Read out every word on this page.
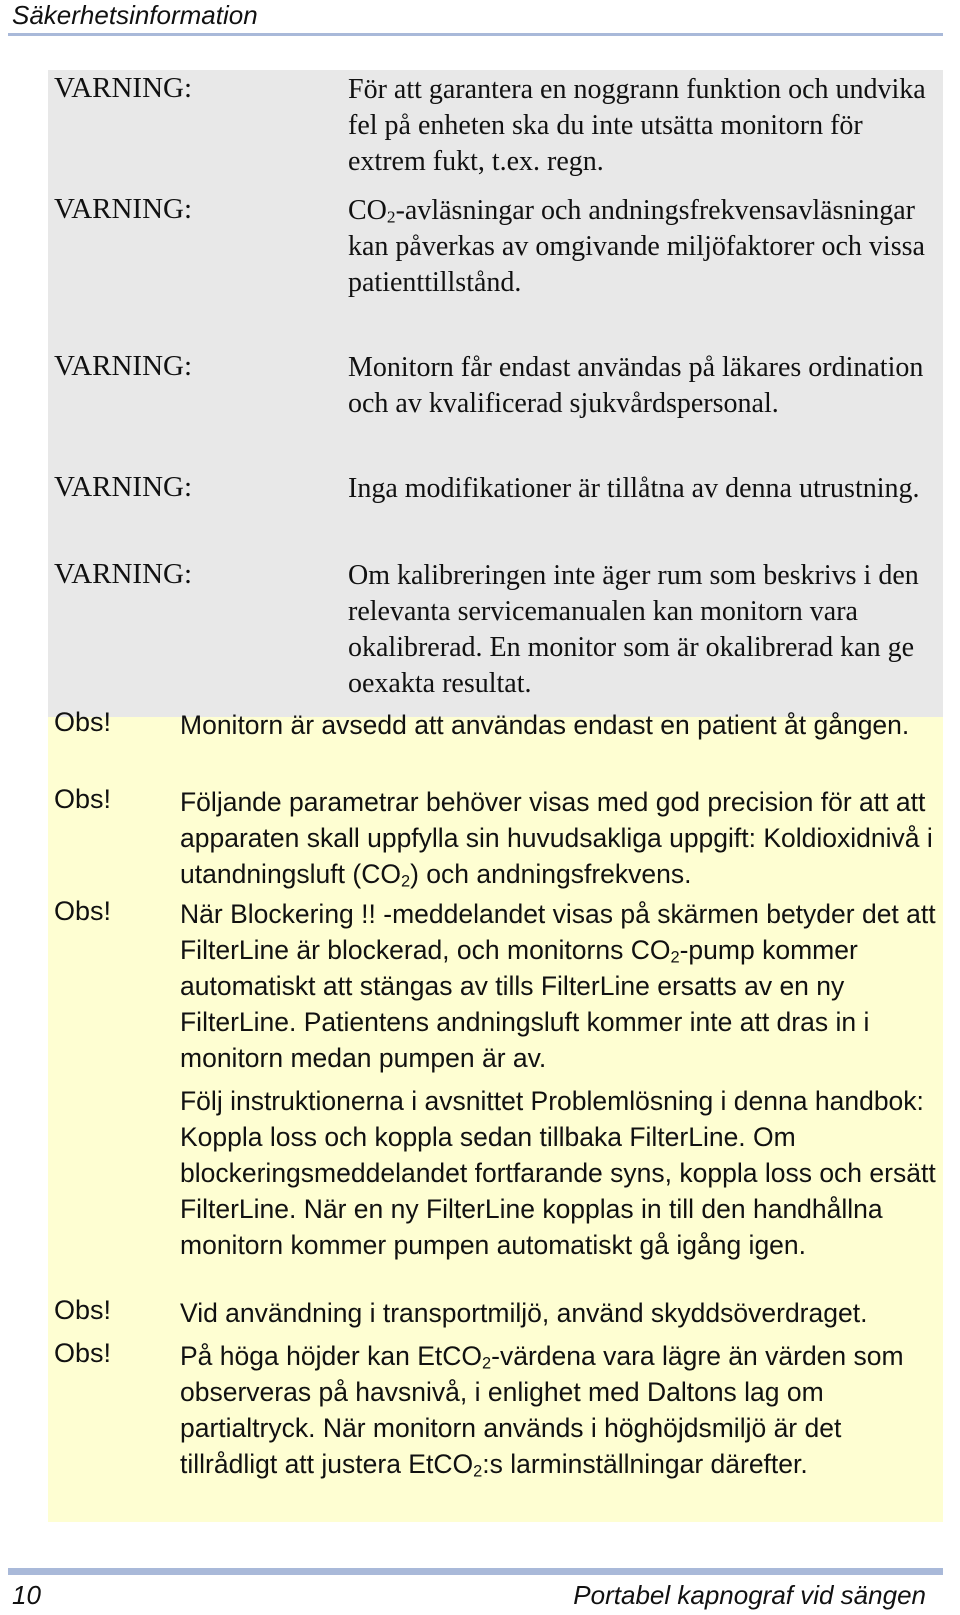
Säkerhetsinformation
VARNING:	För att garantera en noggrann funktion och undvika fel på enheten ska du inte utsätta monitorn för extrem fukt, t.ex. regn.
VARNING:	$CO_2$-avläsningar och andningsfrekvensavläsningar kan påverkas av omgivande miljöfaktorer och vissa patienttillstånd.
VARNING:	Monitorn får endast användas på läkares ordination och av kvalificerad sjukvårdspersonal.
VARNING:	Inga modifikationer är tillåtna av denna utrustning.
VARNING:	Om kalibreringen inte äger rum som beskrivs i den relevanta servicemanualen kan monitorn vara okalibrerad. En monitor som är okalibrerad kan ge oexakta resultat.
Obs!	Monitorn är avsedd att användas endast en patient åt gången.
Obs!	Följande parametrar behöver visas med god precision för att att apparaten skall uppfylla sin huvudsakliga uppgift: Koldioxidnivå i utandningsluft $(CO_2)$ och andningsfrekvens.
Obs!	När Blockering !! -meddelandet visas på skärmen betyder det att FilterLine är blockerad, och monitorns $CO_2$-pump kommer automatiskt att stängas av tills FilterLine ersatts av en ny FilterLine. Patientens andningsluft kommer inte att dras in i monitorn medan pumpen är av.
Följ instruktionerna i avsnittet Problemlösning i denna handbok: Koppla loss och koppla sedan tillbaka FilterLine. Om blockeringsmeddelandet fortfarande syns, koppla loss och ersätt FilterLine. När en ny FilterLine kopplas in till den handhållna monitorn kommer pumpen automatiskt gå igång igen.
Obs!	Vid användning i transportmiljö, använd skyddsöverdraget.
Obs!	På höga höjder kan EtCO$_2$-värdena vara lägre än värden som observeras på havsnivå, i enlighet med Daltons lag om partialtryck. När monitorn används i höghöjdsmiljö är det tillrådligt att justera EtCO$_2$:s larminställningar därefter.
10	Portabel kapnograf vid sängen
